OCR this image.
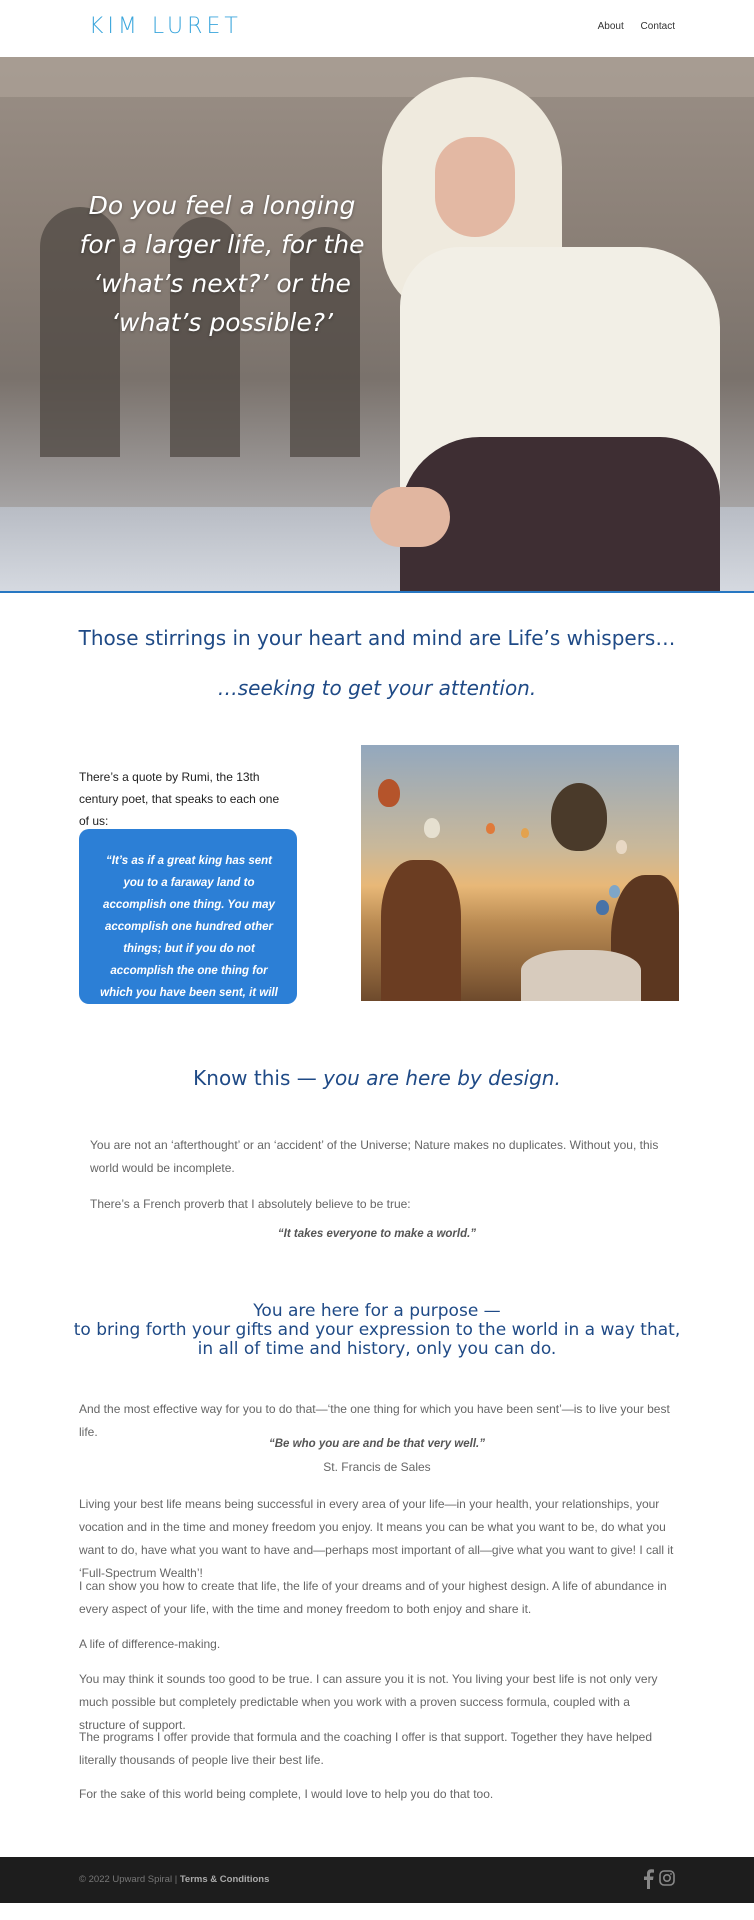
KIM LURET	About Contact
Do you feel a longing for a larger life, for the ‘what’s next?’ or the ‘what’s possible?’
Those stirrings in your heart and mind are Life’s whispers…
…seeking to get your attention.
There’s a quote by Rumi, the 13th century poet, that speaks to each one of us:
“It’s as if a great king has sent you to a faraway land to accomplish one thing. You may accomplish one hundred other things; but if you do not accomplish the one thing for which you have been sent, it will be as if you have done nothing.”
Know this — you are here by design.
You are not an ‘afterthought’ or an ‘accident’ of the Universe; Nature makes no duplicates. Without you, this world would be incomplete.
There’s a French proverb that I absolutely believe to be true:
“It takes everyone to make a world.”
You are here for a purpose —
to bring forth your gifts and your expression to the world in a way that,
in all of time and history, only you can do.
And the most effective way for you to do that—‘the one thing for which you have been sent’—is to live your best life.
“Be who you are and be that very well.”
St. Francis de Sales
Living your best life means being successful in every area of your life—in your health, your relationships, your vocation and in the time and money freedom you enjoy. It means you can be what you want to be, do what you want to do, have what you want to have and—perhaps most important of all—give what you want to give! I call it ‘Full-Spectrum Wealth’!
I can show you how to create that life, the life of your dreams and of your highest design. A life of abundance in every aspect of your life, with the time and money freedom to both enjoy and share it.
A life of difference-making.
You may think it sounds too good to be true. I can assure you it is not. You living your best life is not only very much possible but completely predictable when you work with a proven success formula, coupled with a structure of support.
The programs I offer provide that formula and the coaching I offer is that support. Together they have helped literally thousands of people live their best life.
For the sake of this world being complete, I would love to help you do that too.
© 2022 Upward Spiral | Terms & Conditions
